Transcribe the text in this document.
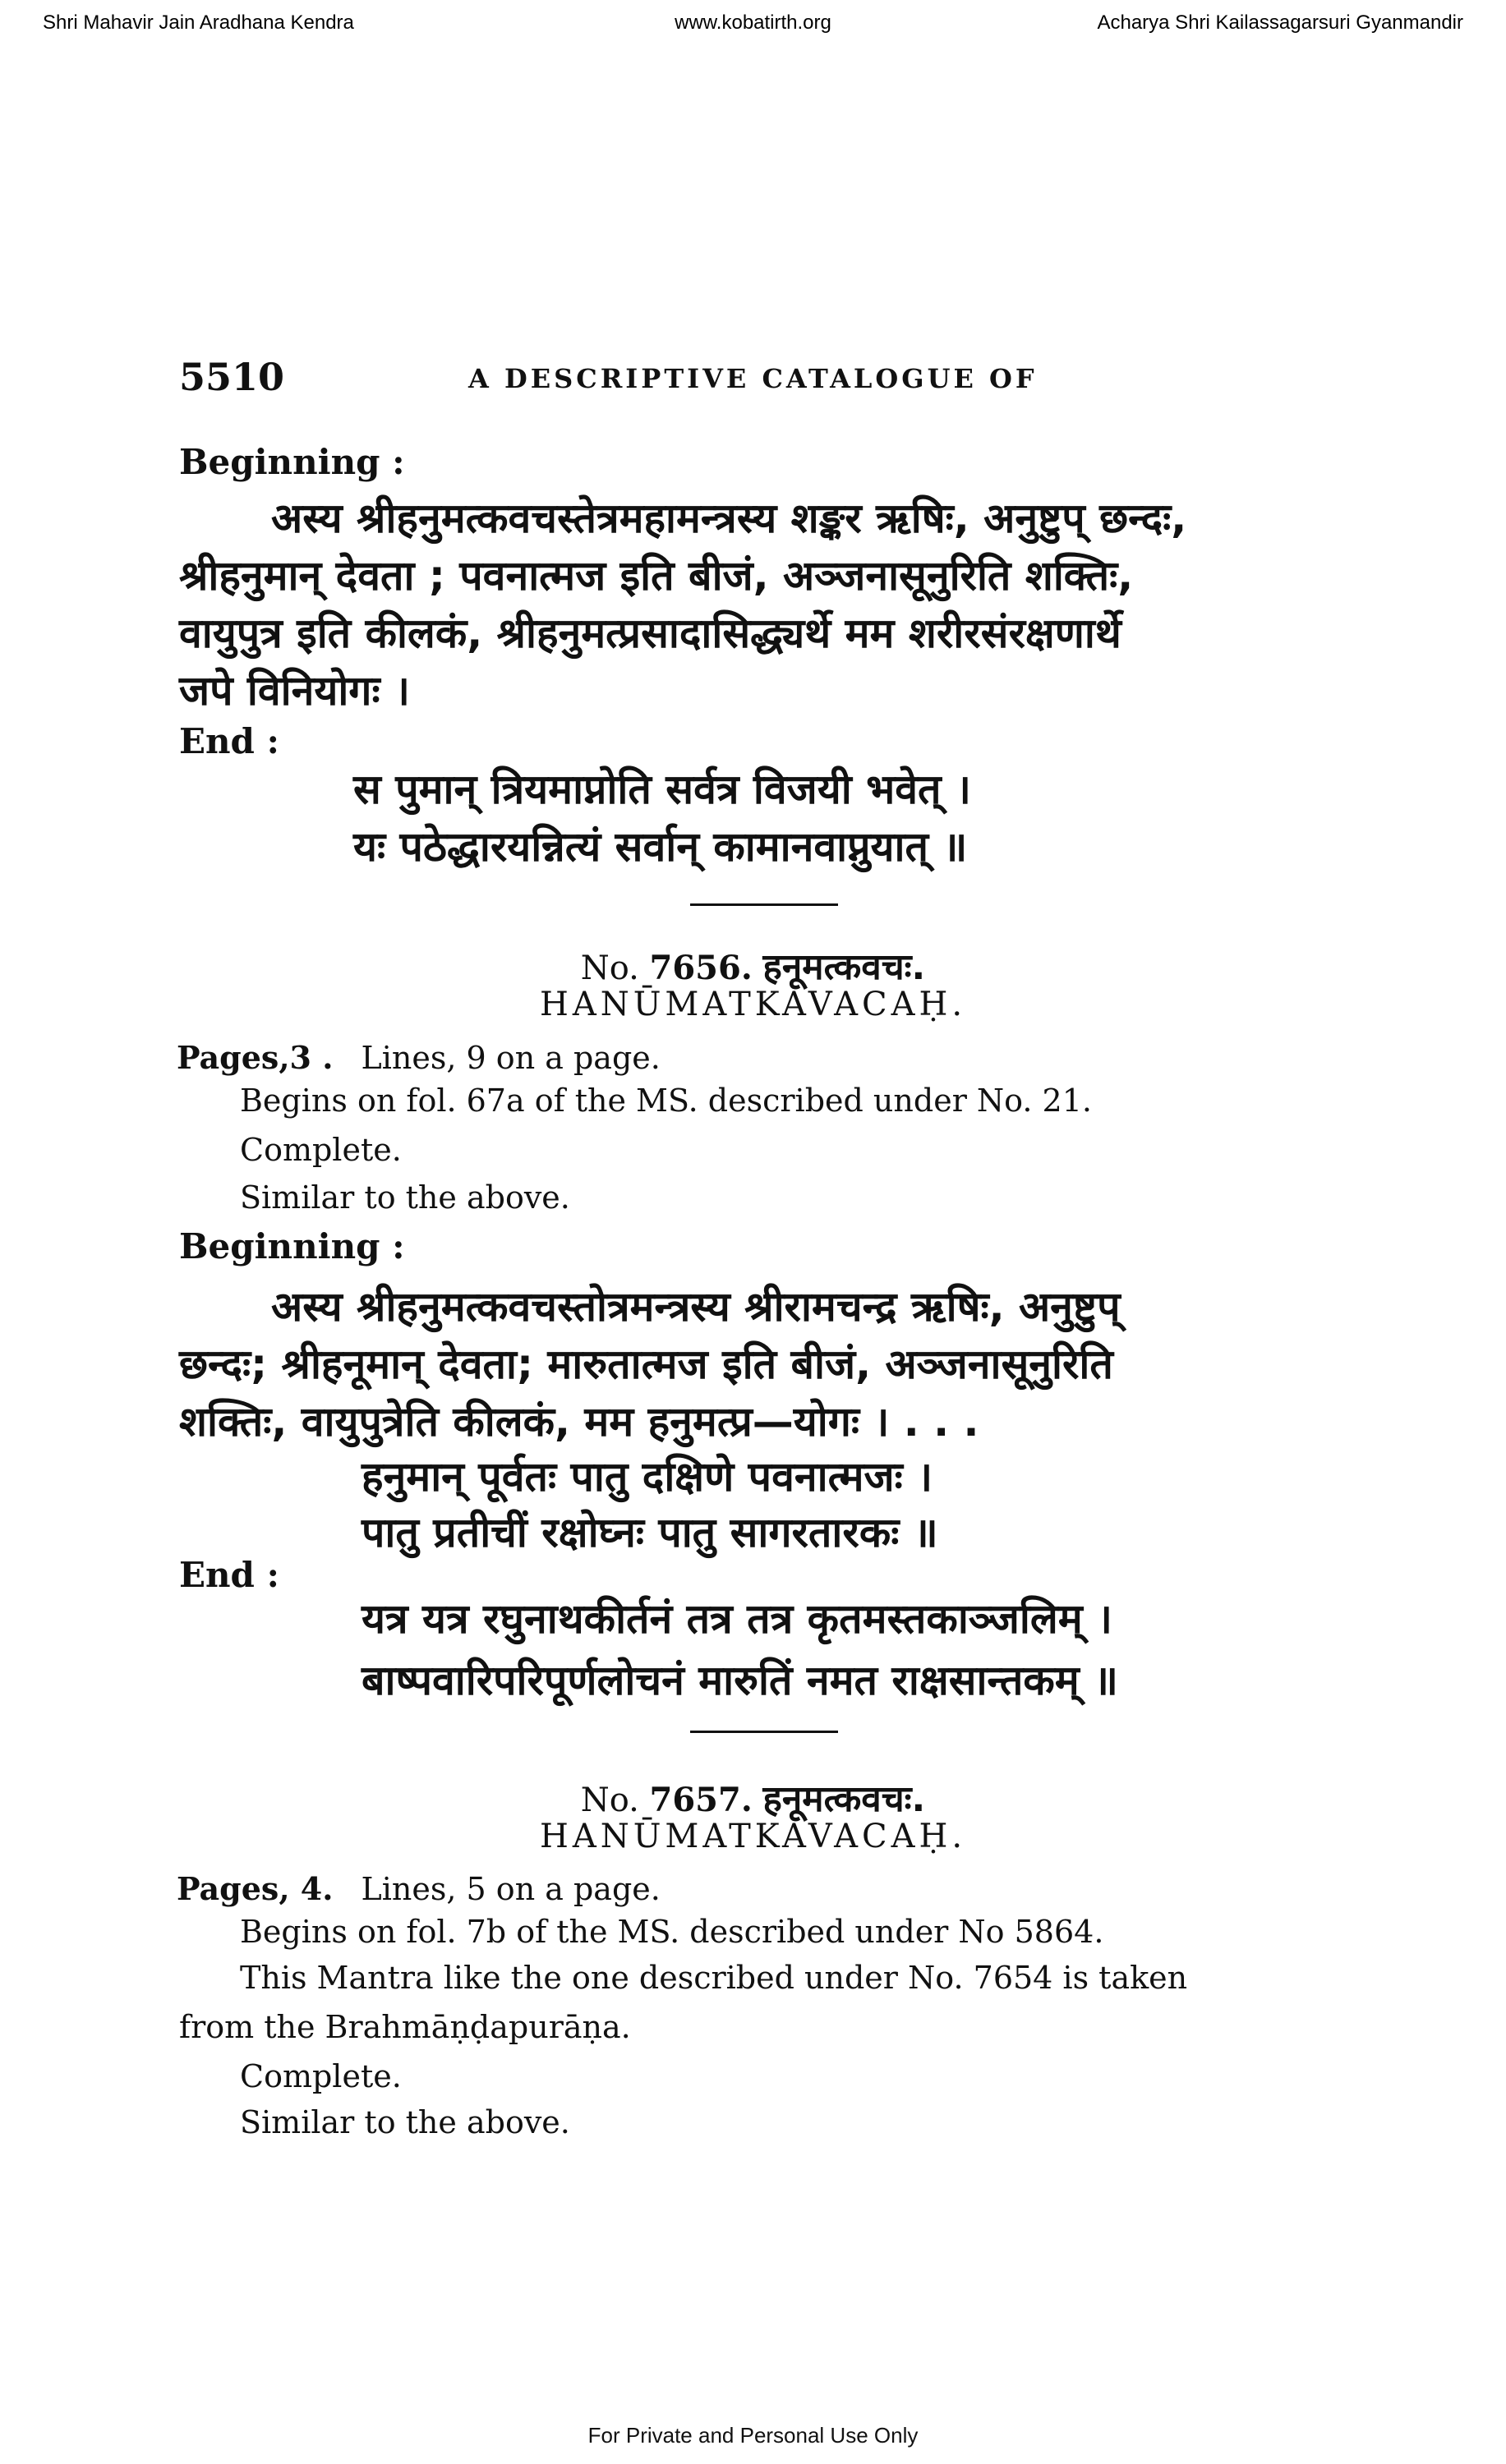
Shri Mahavir Jain Aradhana Kendra	www.kobatirth.org	Acharya Shri Kailassagarsuri Gyanmandir
5510	A DESCRIPTIVE CATALOGUE OF
Beginning :
अस्य श्रीहनुमत्कवचस्तेत्रमहामन्त्रस्य शङ्कर ऋषिः, अनुष्टुप् छन्दः,
श्रीहनुमान् देवता ; पवनात्मज इति बीजं, अञ्जनासूनुरिति शक्तिः,
वायुपुत्र इति कीलकं, श्रीहनुमत्प्रसादासिद्ध्यर्थे मम शरीरसंरक्षणार्थे
जपे विनियोगः ।
End :
स पुमान् त्रियमाप्नोति सर्वत्र विजयी भवेत् ।
यः पठेद्धारयन्नित्यं सर्वान् कामानवाप्नुयात् ॥
No. 7656. हनूमत्कवचः.
HANŪMATKAVACAḤ.
Pages,3 . Lines, 9 on a page.
Begins on fol. 67a of the MS. described under No. 21.
Complete.
Similar to the above.
Beginning :
अस्य श्रीहनुमत्कवचस्तोत्रमन्त्रस्य श्रीरामचन्द्र ऋषिः, अनुष्टुप्
छन्दः; श्रीहनूमान् देवता; मारुतात्मज इति बीजं, अञ्जनासूनुरिति
शक्तिः, वायुपुत्रेति कीलकं, मम हनुमत्प्र—योगः । . . .
हनुमान् पूर्वतः पातु दक्षिणे पवनात्मजः ।
पातु प्रतीचीं रक्षोघ्नः पातु सागरतारकः ॥
End :
यत्र यत्र रघुनाथकीर्तनं तत्र तत्र कृतमस्तकाञ्जलिम् ।
बाष्पवारिपरिपूर्णलोचनं मारुतिं नमत राक्षसान्तकम् ॥
No. 7657. हनूमत्कवचः.
HANŪMATKAVACAḤ.
Pages, 4. Lines, 5 on a page.
Begins on fol. 7b of the MS. described under No 5864.
This Mantra like the one described under No. 7654 is taken
from the Brahmāṇḍapurāṇa.
Complete.
Similar to the above.
For Private and Personal Use Only
